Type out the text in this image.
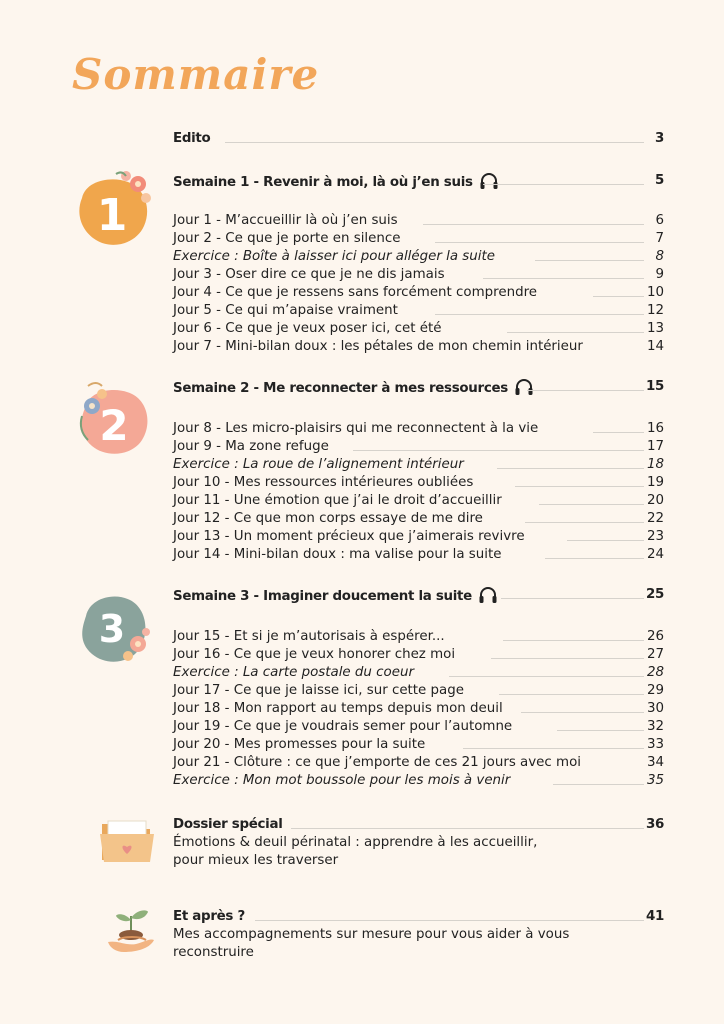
Sommaire
Edito	3
1
Semaine 1 - Revenir à moi, là où j’en suis	5
Jour 1 - M’accueillir là où j’en suis	6
Jour 2 - Ce que je porte en silence	7
Exercice : Boîte à laisser ici pour alléger la suite	8
Jour 3 - Oser dire ce que je ne dis jamais	9
Jour 4 - Ce que je ressens sans forcément comprendre	10
Jour 5 - Ce qui m’apaise vraiment	12
Jour 6 - Ce que je veux poser ici, cet été	13
Jour 7 - Mini-bilan doux : les pétales de mon chemin intérieur	14
2
Semaine 2 - Me reconnecter à mes ressources	15
Jour 8 - Les micro-plaisirs qui me reconnectent à la vie	16
Jour 9 - Ma zone refuge	17
Exercice : La roue de l’alignement intérieur	18
Jour 10 - Mes ressources intérieures oubliées	19
Jour 11 - Une émotion que j’ai le droit d’accueillir	20
Jour 12 - Ce que mon corps essaye de me dire	22
Jour 13 - Un moment précieux que j’aimerais revivre	23
Jour 14 - Mini-bilan doux : ma valise pour la suite	24
3
Semaine 3 - Imaginer doucement la suite	25
Jour 15 - Et si je m’autorisais à espérer...	26
Jour 16 - Ce que je veux honorer chez moi	27
Exercice : La carte postale du coeur	28
Jour 17 - Ce que je laisse ici, sur cette page	29
Jour 18 - Mon rapport au temps depuis mon deuil	30
Jour 19 - Ce que je voudrais semer pour l’automne	32
Jour 20 - Mes promesses pour la suite	33
Jour 21 - Clôture : ce que j’emporte de ces 21 jours avec moi	34
Exercice : Mon mot boussole pour les mois à venir	35
Dossier spécial	36
Émotions & deuil périnatal : apprendre à les accueillir,
pour mieux les traverser
Et après ?	41
Mes accompagnements sur mesure pour vous aider à vous
reconstruire
